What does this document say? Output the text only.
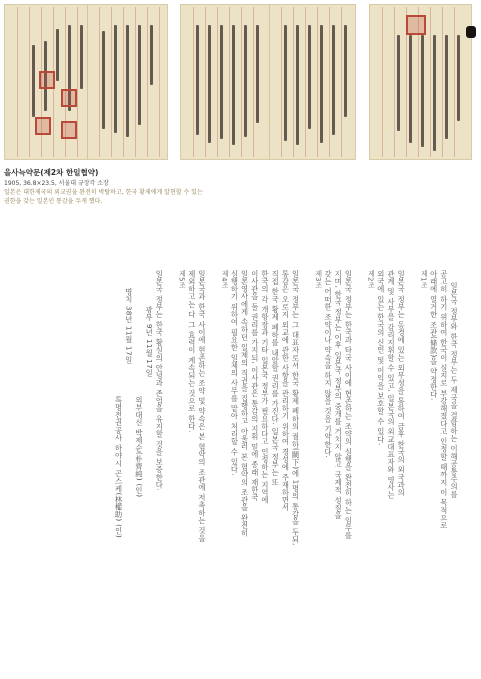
을사늑약문(제2차 한일협약)

1905, 36.8×23.5, 서울대 규장각 소장

일본은 대한제국의 외교권을 완전히 박탈하고, 한국 황제에게 알현할 수 있는

권한을 갖는 일본인 통감을 두게 했다.

일본국 정부와 한국 정부는 두 제국을 결합하는 이해공통주의를

공고히 하기 위하여 한국이 실지로 부강해졌다고 인정할 때까지 이 목적으로

아래에 열거한 조관(條款)을 약정한다.

제1조

일본국 정부는 동경에 있는 외무성을 통하여 금후 한국의 외국과의

관계 및 사무를 감리지휘할 수 있고, 일본국의 외교대표자와 영사는

외국에 있는 한국의 신민 및 이익을 보호할 수 있다.

제2조

일본국 정부는 한국과 타국 사이에 현존하는 조약의 실행을 완전히 하는 임무를

지며, 한국 정부는 이후 일본국 정부의 중개를 거치지 않고 국제적 성질을

갖는 어떠한 조약이나 약속을 하지 않을 것을 기약한다.

제3조

일본국 정부는 그 대표자로서 한국 황제 폐하의 궐하(闕下)에 1명의 통감을 두되,

통감은 오로지 외교에 관한 사항을 관리하기 위하여 경성에 주재하면서

직접 한국 황제 폐하를 내알할 권리를 가진다. 일본국 정부는 또

한국의 각 개항장과 기타 일본국 정부가 필요하다고 인정하는 지역에

이사관을 둘 권리를 가지되, 이사관은 통감의 지휘 밑에 종래 재한국

일본영사에게 속하던 일체의 직권을 집행하고 아울러 본 협약의 조관을 완전히

실행하기 위하여 필요한 일체의 사무를 맡아 처리할 수 있다.

제4조

일본국과 한국 사이에 현존하는 조약 및 약속은 본 협약의 조관에 저촉하는 것을

제외하고는 다 그 효력이 계속되는 것으로 한다.

제5조

일본국 정부는 한국 황실의 안녕과 존엄을 유지할 것을 보증한다.

광무 9년 11월 17일

외부대신 박제순(朴齊純) (인)

명치 38년 11월 17일

특명전권공사 하야시 곤스케(林權助) (인)
